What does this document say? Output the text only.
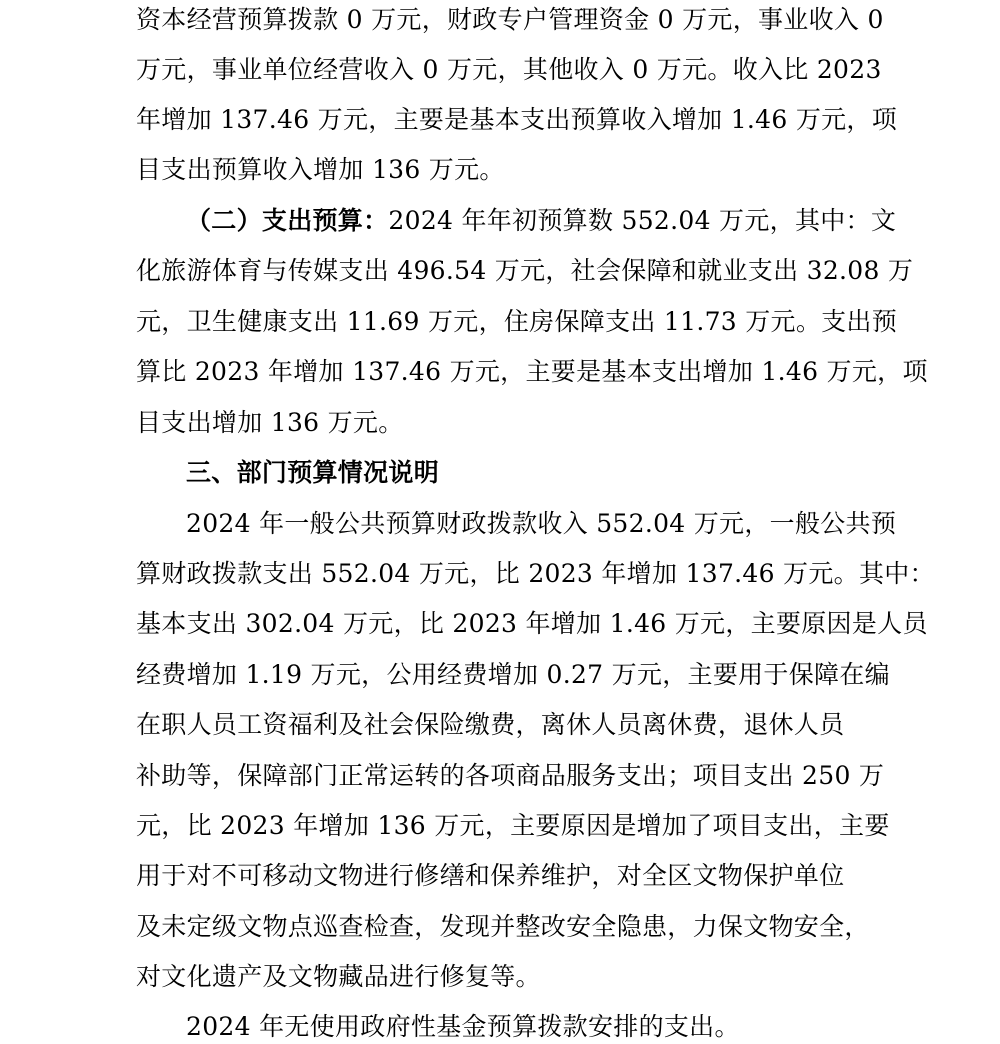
资本经营预算拨款 0 万元，财政专户管理资金 0 万元，事业收入 0
万元，事业单位经营收入 0 万元，其他收入 0 万元。收入比 2023
年增加 137.46 万元，主要是基本支出预算收入增加 1.46 万元，项
目支出预算收入增加 136 万元。
（二）支出预算：2024 年年初预算数 552.04 万元，其中：文
化旅游体育与传媒支出 496.54 万元，社会保障和就业支出 32.08 万
元，卫生健康支出 11.69 万元，住房保障支出 11.73 万元。支出预
算比 2023 年增加 137.46 万元，主要是基本支出增加 1.46 万元，项
目支出增加 136 万元。
三、部门预算情况说明
2024 年一般公共预算财政拨款收入 552.04 万元，一般公共预
算财政拨款支出 552.04 万元，比 2023 年增加 137.46 万元。其中：
基本支出 302.04 万元，比 2023 年增加 1.46 万元，主要原因是人员
经费增加 1.19 万元，公用经费增加 0.27 万元，主要用于保障在编
在职人员工资福利及社会保险缴费，离休人员离休费，退休人员
补助等，保障部门正常运转的各项商品服务支出；项目支出 250 万
元，比 2023 年增加 136 万元，主要原因是增加了项目支出，主要
用于对不可移动文物进行修缮和保养维护，对全区文物保护单位
及未定级文物点巡查检查，发现并整改安全隐患，力保文物安全，
对文化遗产及文物藏品进行修复等。
2024 年无使用政府性基金预算拨款安排的支出。
